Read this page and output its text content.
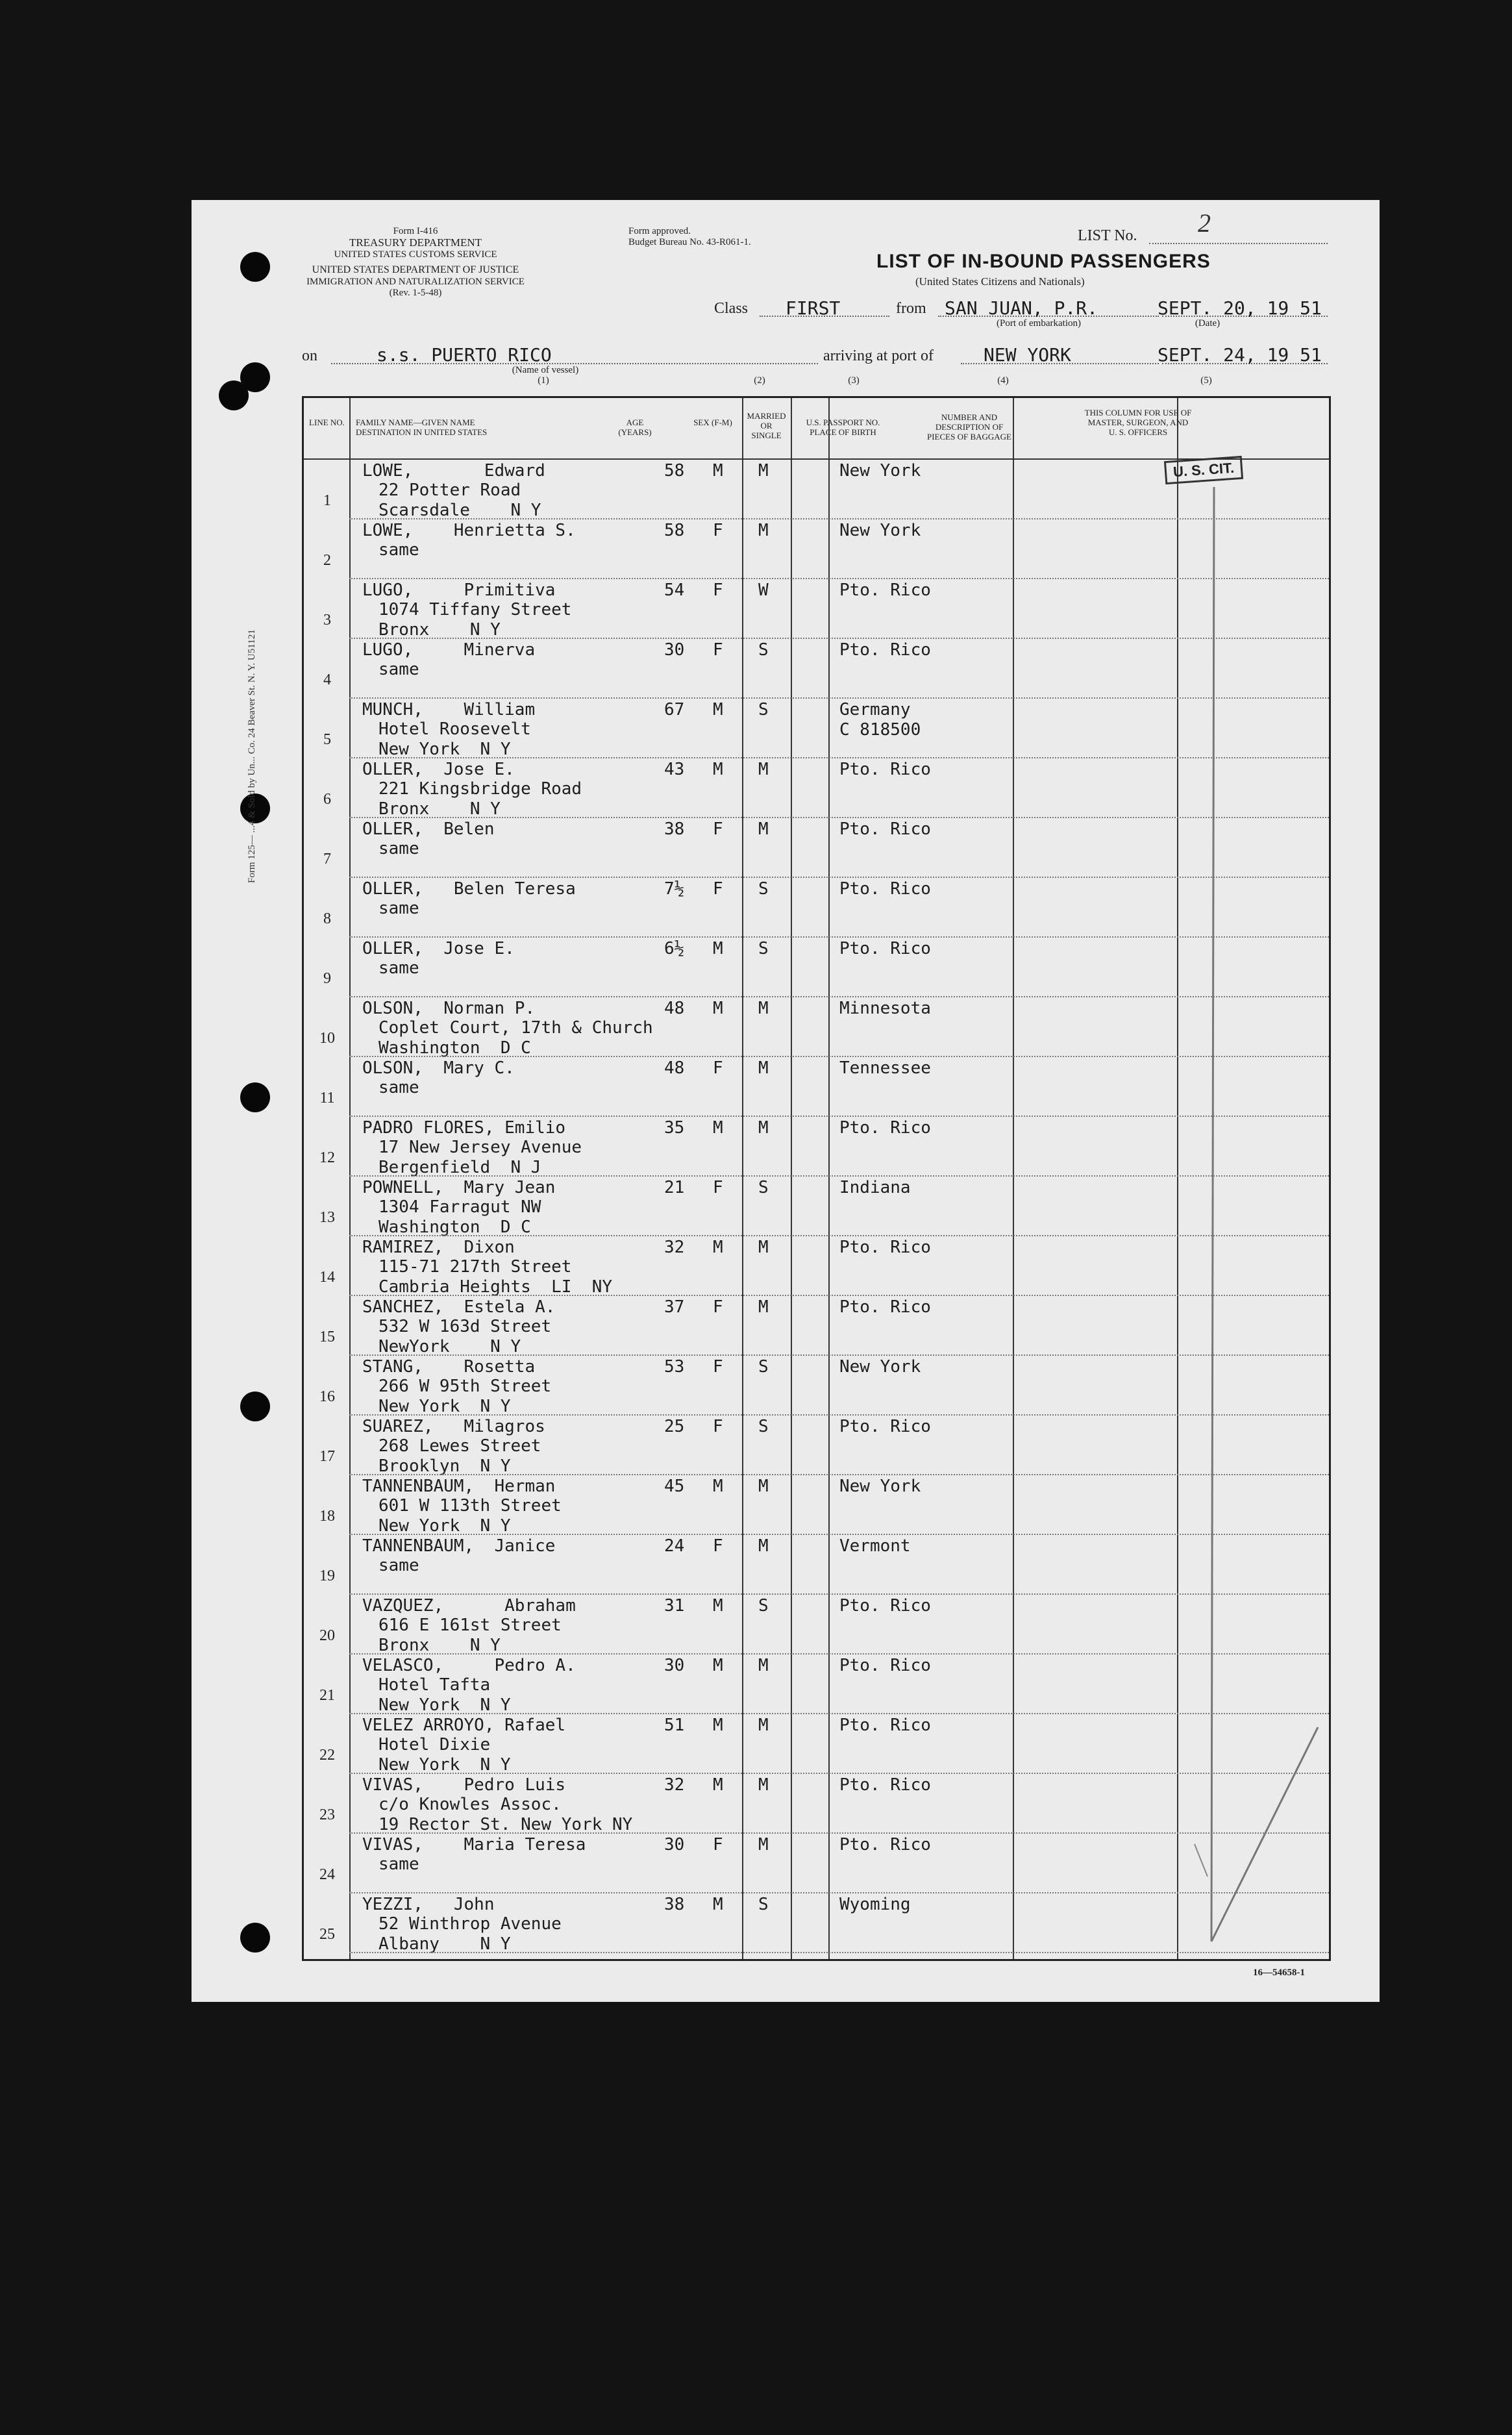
Form 125— ...4 & Sold by Un... Co. 24 Beaver St. N. Y. U51121
Form I-416
TREASURY DEPARTMENT
UNITED STATES CUSTOMS SERVICE
UNITED STATES DEPARTMENT OF JUSTICE
IMMIGRATION AND NATURALIZATION SERVICE
(Rev. 1-5-48)
Form approved.
Budget Bureau No. 43-R061-1.	LIST No. 2
LIST OF IN-BOUND PASSENGERS
(United States Citizens and Nationals)
Class FIRST	from SAN JUAN, P.R.
(Port of embarkation)
SEPT. 20, 19 51
(Date)
on	s.s. PUERTO RICO
(Name of vessel)
arriving at port of	NEW YORK	SEPT. 24, 19 51
(2)	(3)	(4)	(5)
(1)
LINE NO. FAMILY NAME—GIVEN NAME DESTINATION IN UNITED STATES
AGE (YEARS)
SEX (F-M)
MARRIED OR SINGLE
U.S. PASSPORT NO. PLACE OF BIRTH
NUMBER AND DESCRIPTION OF PIECES OF BAGGAGE
THIS COLUMN FOR USE OF MASTER, SURGEON, AND U. S. OFFICERS
1
LOWE,       Edward
22 Potter Road
Scarsdale    N Y
58 M M	New York
2
LOWE,    Henrietta S.
same
58 F M	New York
3
LUGO,     Primitiva
1074 Tiffany Street
Bronx    N Y
54 F W	Pto. Rico
4
LUGO,     Minerva
same
30 F S	Pto. Rico
5
MUNCH,    William
Hotel Roosevelt
New York  N Y
67 M S	Germany
C 818500
6
OLLER,  Jose E.
221 Kingsbridge Road
Bronx    N Y
43 M M	Pto. Rico
7
OLLER,  Belen
same
38 F M	Pto. Rico
8
OLLER,   Belen Teresa
same
7½ F S	Pto. Rico
9
OLLER,  Jose E.
same
6½ M S	Pto. Rico
10
OLSON,  Norman P.
Coplet Court, 17th & Church
Washington  D C
48 M M	Minnesota
11
OLSON,  Mary C.
same
48 F M	Tennessee
12
PADRO FLORES, Emilio
17 New Jersey Avenue
Bergenfield  N J
35 M M	Pto. Rico
13
POWNELL,  Mary Jean
1304 Farragut NW
Washington  D C
21 F S	Indiana
14
RAMIREZ,  Dixon
115-71 217th Street
Cambria Heights  LI  NY
32 M M	Pto. Rico
15
SANCHEZ,  Estela A.
532 W 163d Street
NewYork    N Y
37 F M	Pto. Rico
16
STANG,    Rosetta
266 W 95th Street
New York  N Y
53 F S	New York
17
SUAREZ,   Milagros
268 Lewes Street
Brooklyn  N Y
25 F S	Pto. Rico
18
TANNENBAUM,  Herman
601 W 113th Street
New York  N Y
45 M M	New York
19
TANNENBAUM,  Janice
same
24 F M	Vermont
20
VAZQUEZ,      Abraham
616 E 161st Street
Bronx    N Y
31 M S	Pto. Rico
21
VELASCO,     Pedro A.
Hotel Tafta
New York  N Y
30 M M	Pto. Rico
22
VELEZ ARROYO, Rafael
Hotel Dixie
New York  N Y
51 M M	Pto. Rico
23
VIVAS,    Pedro Luis
c/o Knowles Assoc.
19 Rector St. New York NY
32 M M	Pto. Rico
24
VIVAS,    Maria Teresa
same
30 F M	Pto. Rico
25
YEZZI,   John
52 Winthrop Avenue
Albany    N Y
38 M S	Wyoming
U. S. CIT.
16—54658-1
